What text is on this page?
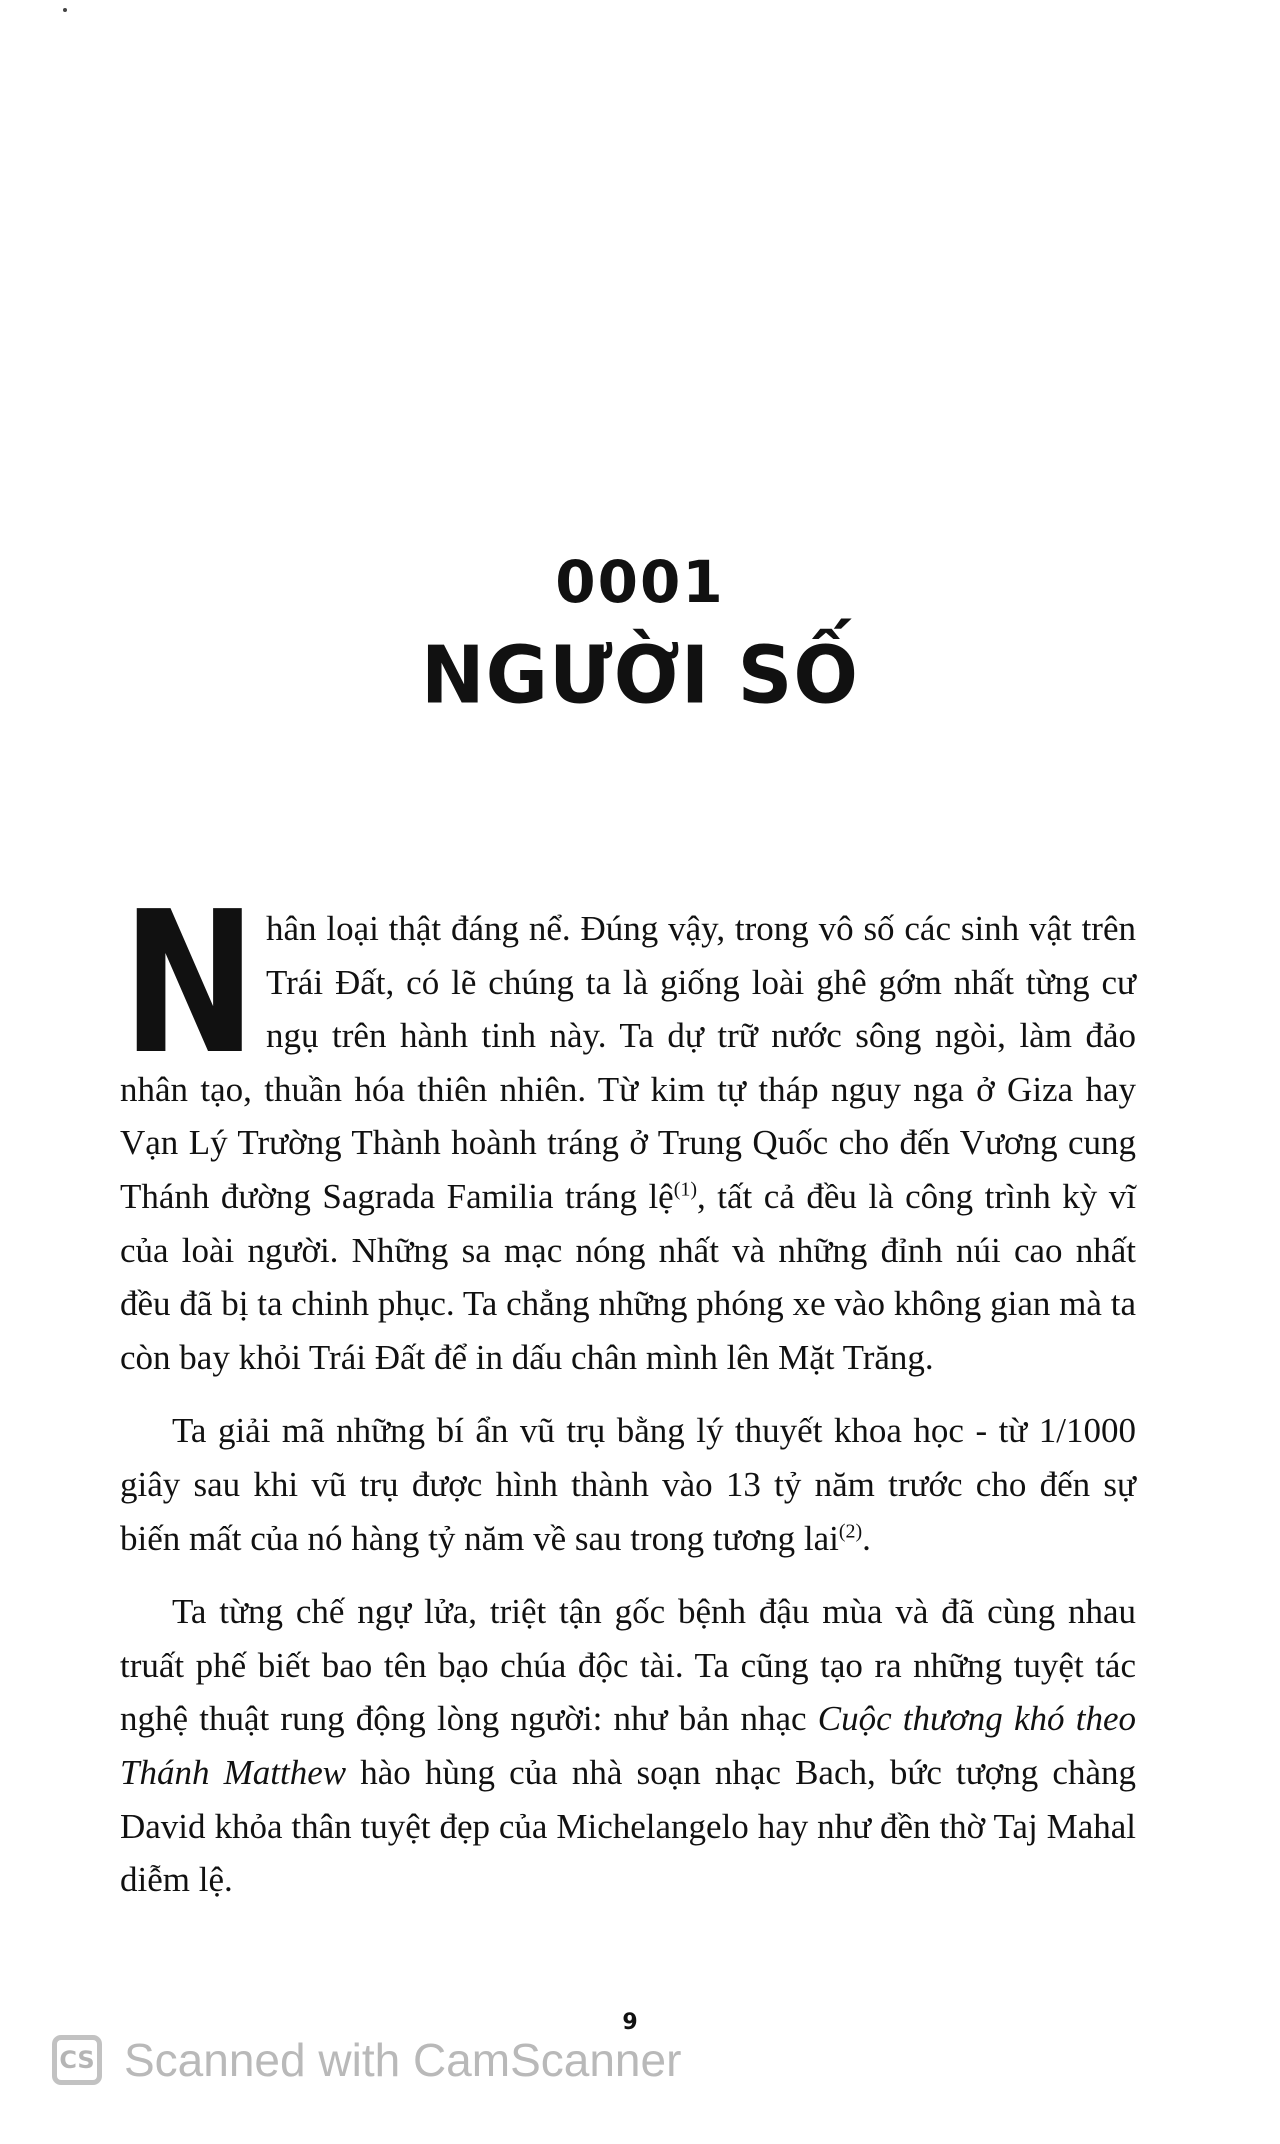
0001
NGƯỜI SỐ

Nhân loại thật đáng nể. Đúng vậy, trong vô số các sinh vật trên Trái Đất, có lẽ chúng ta là giống loài ghê gớm nhất từng cư ngụ trên hành tinh này. Ta dự trữ nước sông ngòi, làm đảo nhân tạo, thuần hóa thiên nhiên. Từ kim tự tháp nguy nga ở Giza hay Vạn Lý Trường Thành hoành tráng ở Trung Quốc cho đến Vương cung Thánh đường Sagrada Familia tráng lệ$^{(1)}$, tất cả đều là công trình kỳ vĩ của loài người. Những sa mạc nóng nhất và những đỉnh núi cao nhất đều đã bị ta chinh phục. Ta chẳng những phóng xe vào không gian mà ta còn bay khỏi Trái Đất để in dấu chân mình lên Mặt Trăng.

Ta giải mã những bí ẩn vũ trụ bằng lý thuyết khoa học - từ 1/1000 giây sau khi vũ trụ được hình thành vào 13 tỷ năm trước cho đến sự biến mất của nó hàng tỷ năm về sau trong tương lai$^{(2)}$.

Ta từng chế ngự lửa, triệt tận gốc bệnh đậu mùa và đã cùng nhau truất phế biết bao tên bạo chúa độc tài. Ta cũng tạo ra những tuyệt tác nghệ thuật rung động lòng người: như bản nhạc Cuộc thương khó theo Thánh Matthew hào hùng của nhà soạn nhạc Bach, bức tượng chàng David khỏa thân tuyệt đẹp của Michelangelo hay như đền thờ Taj Mahal diễm lệ.

9
CS Scanned with CamScanner
